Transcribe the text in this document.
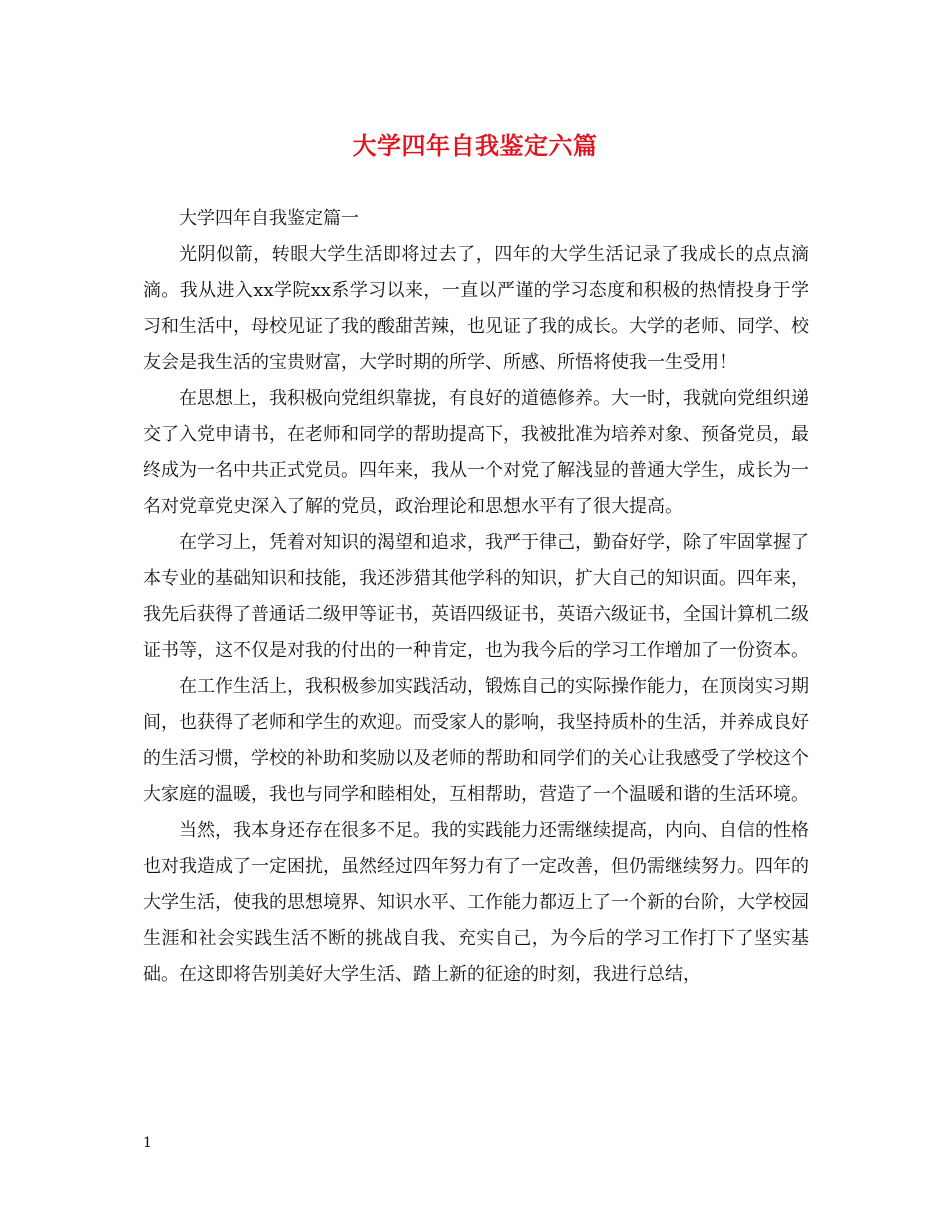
大学四年自我鉴定六篇

大学四年自我鉴定篇一

光阴似箭，转眼大学生活即将过去了，四年的大学生活记录了我成长的点点滴滴。我从进入xx学院xx系学习以来，一直以严谨的学习态度和积极的热情投身于学习和生活中，母校见证了我的酸甜苦辣，也见证了我的成长。大学的老师、同学、校友会是我生活的宝贵财富，大学时期的所学、所感、所悟将使我一生受用！

在思想上，我积极向党组织靠拢，有良好的道德修养。大一时，我就向党组织递交了入党申请书，在老师和同学的帮助提高下，我被批准为培养对象、预备党员，最终成为一名中共正式党员。四年来，我从一个对党了解浅显的普通大学生，成长为一名对党章党史深入了解的党员，政治理论和思想水平有了很大提高。

在学习上，凭着对知识的渴望和追求，我严于律己，勤奋好学，除了牢固掌握了本专业的基础知识和技能，我还涉猎其他学科的知识，扩大自己的知识面。四年来，我先后获得了普通话二级甲等证书，英语四级证书，英语六级证书，全国计算机二级证书等，这不仅是对我的付出的一种肯定，也为我今后的学习工作增加了一份资本。

在工作生活上，我积极参加实践活动，锻炼自己的实际操作能力，在顶岗实习期间，也获得了老师和学生的欢迎。而受家人的影响，我坚持质朴的生活，并养成良好的生活习惯，学校的补助和奖励以及老师的帮助和同学们的关心让我感受了学校这个大家庭的温暖，我也与同学和睦相处，互相帮助，营造了一个温暖和谐的生活环境。

当然，我本身还存在很多不足。我的实践能力还需继续提高，内向、自信的性格也对我造成了一定困扰，虽然经过四年努力有了一定改善，但仍需继续努力。四年的大学生活，使我的思想境界、知识水平、工作能力都迈上了一个新的台阶，大学校园生涯和社会实践生活不断的挑战自我、充实自己，为今后的学习工作打下了坚实基础。在这即将告别美好大学生活、踏上新的征途的时刻，我进行总结，

1
